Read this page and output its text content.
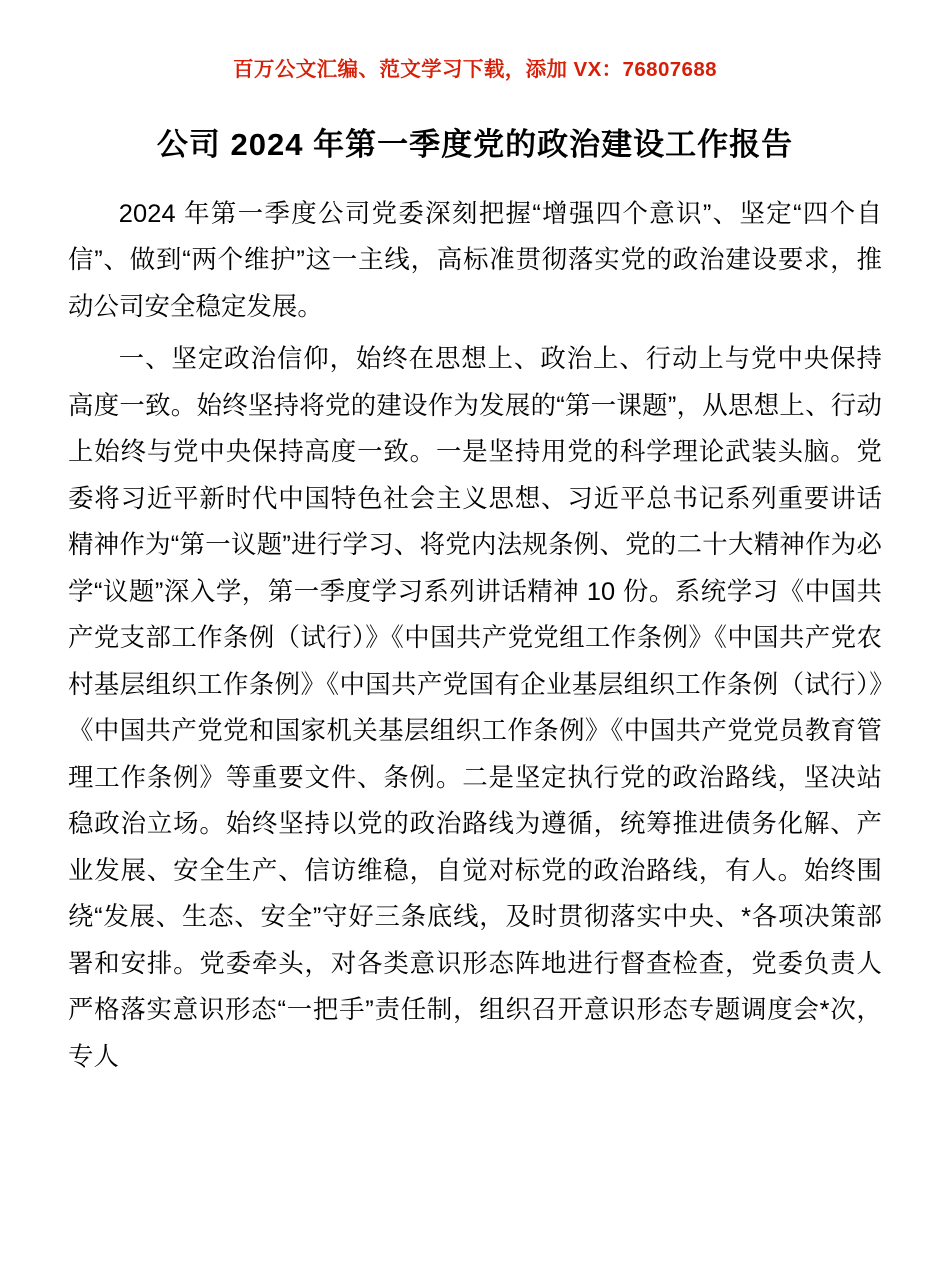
百万公文汇编、范文学习下载，添加 VX：76807688
公司 2024 年第一季度党的政治建设工作报告

2024 年第一季度公司党委深刻把握“增强四个意识”、坚定“四个自信”、做到“两个维护”这一主线，高标准贯彻落实党的政治建设要求，推动公司安全稳定发展。

一、坚定政治信仰，始终在思想上、政治上、行动上与党中央保持高度一致。始终坚持将党的建设作为发展的“第一课题”，从思想上、行动上始终与党中央保持高度一致。一是坚持用党的科学理论武装头脑。党委将习近平新时代中国特色社会主义思想、习近平总书记系列重要讲话精神作为“第一议题”进行学习、将党内法规条例、党的二十大精神作为必学“议题”深入学，第一季度学习系列讲话精神 10 份。系统学习《中国共产党支部工作条例（试行）》《中国共产党党组工作条例》《中国共产党农村基层组织工作条例》《中国共产党国有企业基层组织工作条例（试行）》《中国共产党党和国家机关基层组织工作条例》《中国共产党党员教育管理工作条例》等重要文件、条例。二是坚定执行党的政治路线，坚决站稳政治立场。始终坚持以党的政治路线为遵循，统筹推进债务化解、产业发展、安全生产、信访维稳，自觉对标党的政治路线，有人。始终围绕“发展、生态、安全”守好三条底线，及时贯彻落实中央、*各项决策部署和安排。党委牵头，对各类意识形态阵地进行督查检查，党委负责人严格落实意识形态“一把手”责任制，组织召开意识形态专题调度会*次，专人
